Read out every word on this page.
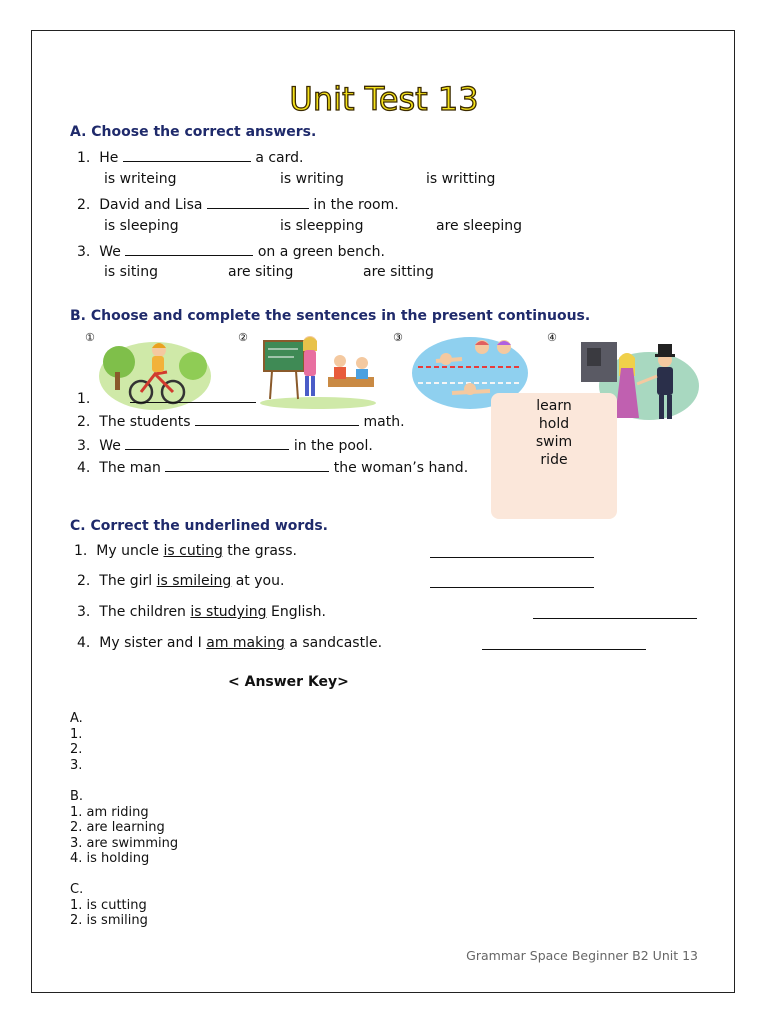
Unit Test 13
A. Choose the correct answers.
1. He	a card.
is writeing	is writing	is writting
2. David and Lisa	in the room.
is sleeping	is sleepping	are sleeping
3. We	on a green bench.
is siting	are siting	are sitting
B. Choose and complete the sentences in the present continuous.
①	②	③	④
1.
2. The students	math.
3. We	in the pool.
4. The man	the woman’s hand.
learn
hold
swim
ride
C. Correct the underlined words.
1. My uncle is cuting the grass.
2. The girl is smileing at you.
3. The children is studying English.
4. My sister and I am making a sandcastle.
< Answer Key>
A.
1.
2.
3.
B.
1. am riding
2. are learning
3. are swimming
4. is holding
C.
1. is cutting
2. is smiling
Grammar Space Beginner B2 Unit 13
